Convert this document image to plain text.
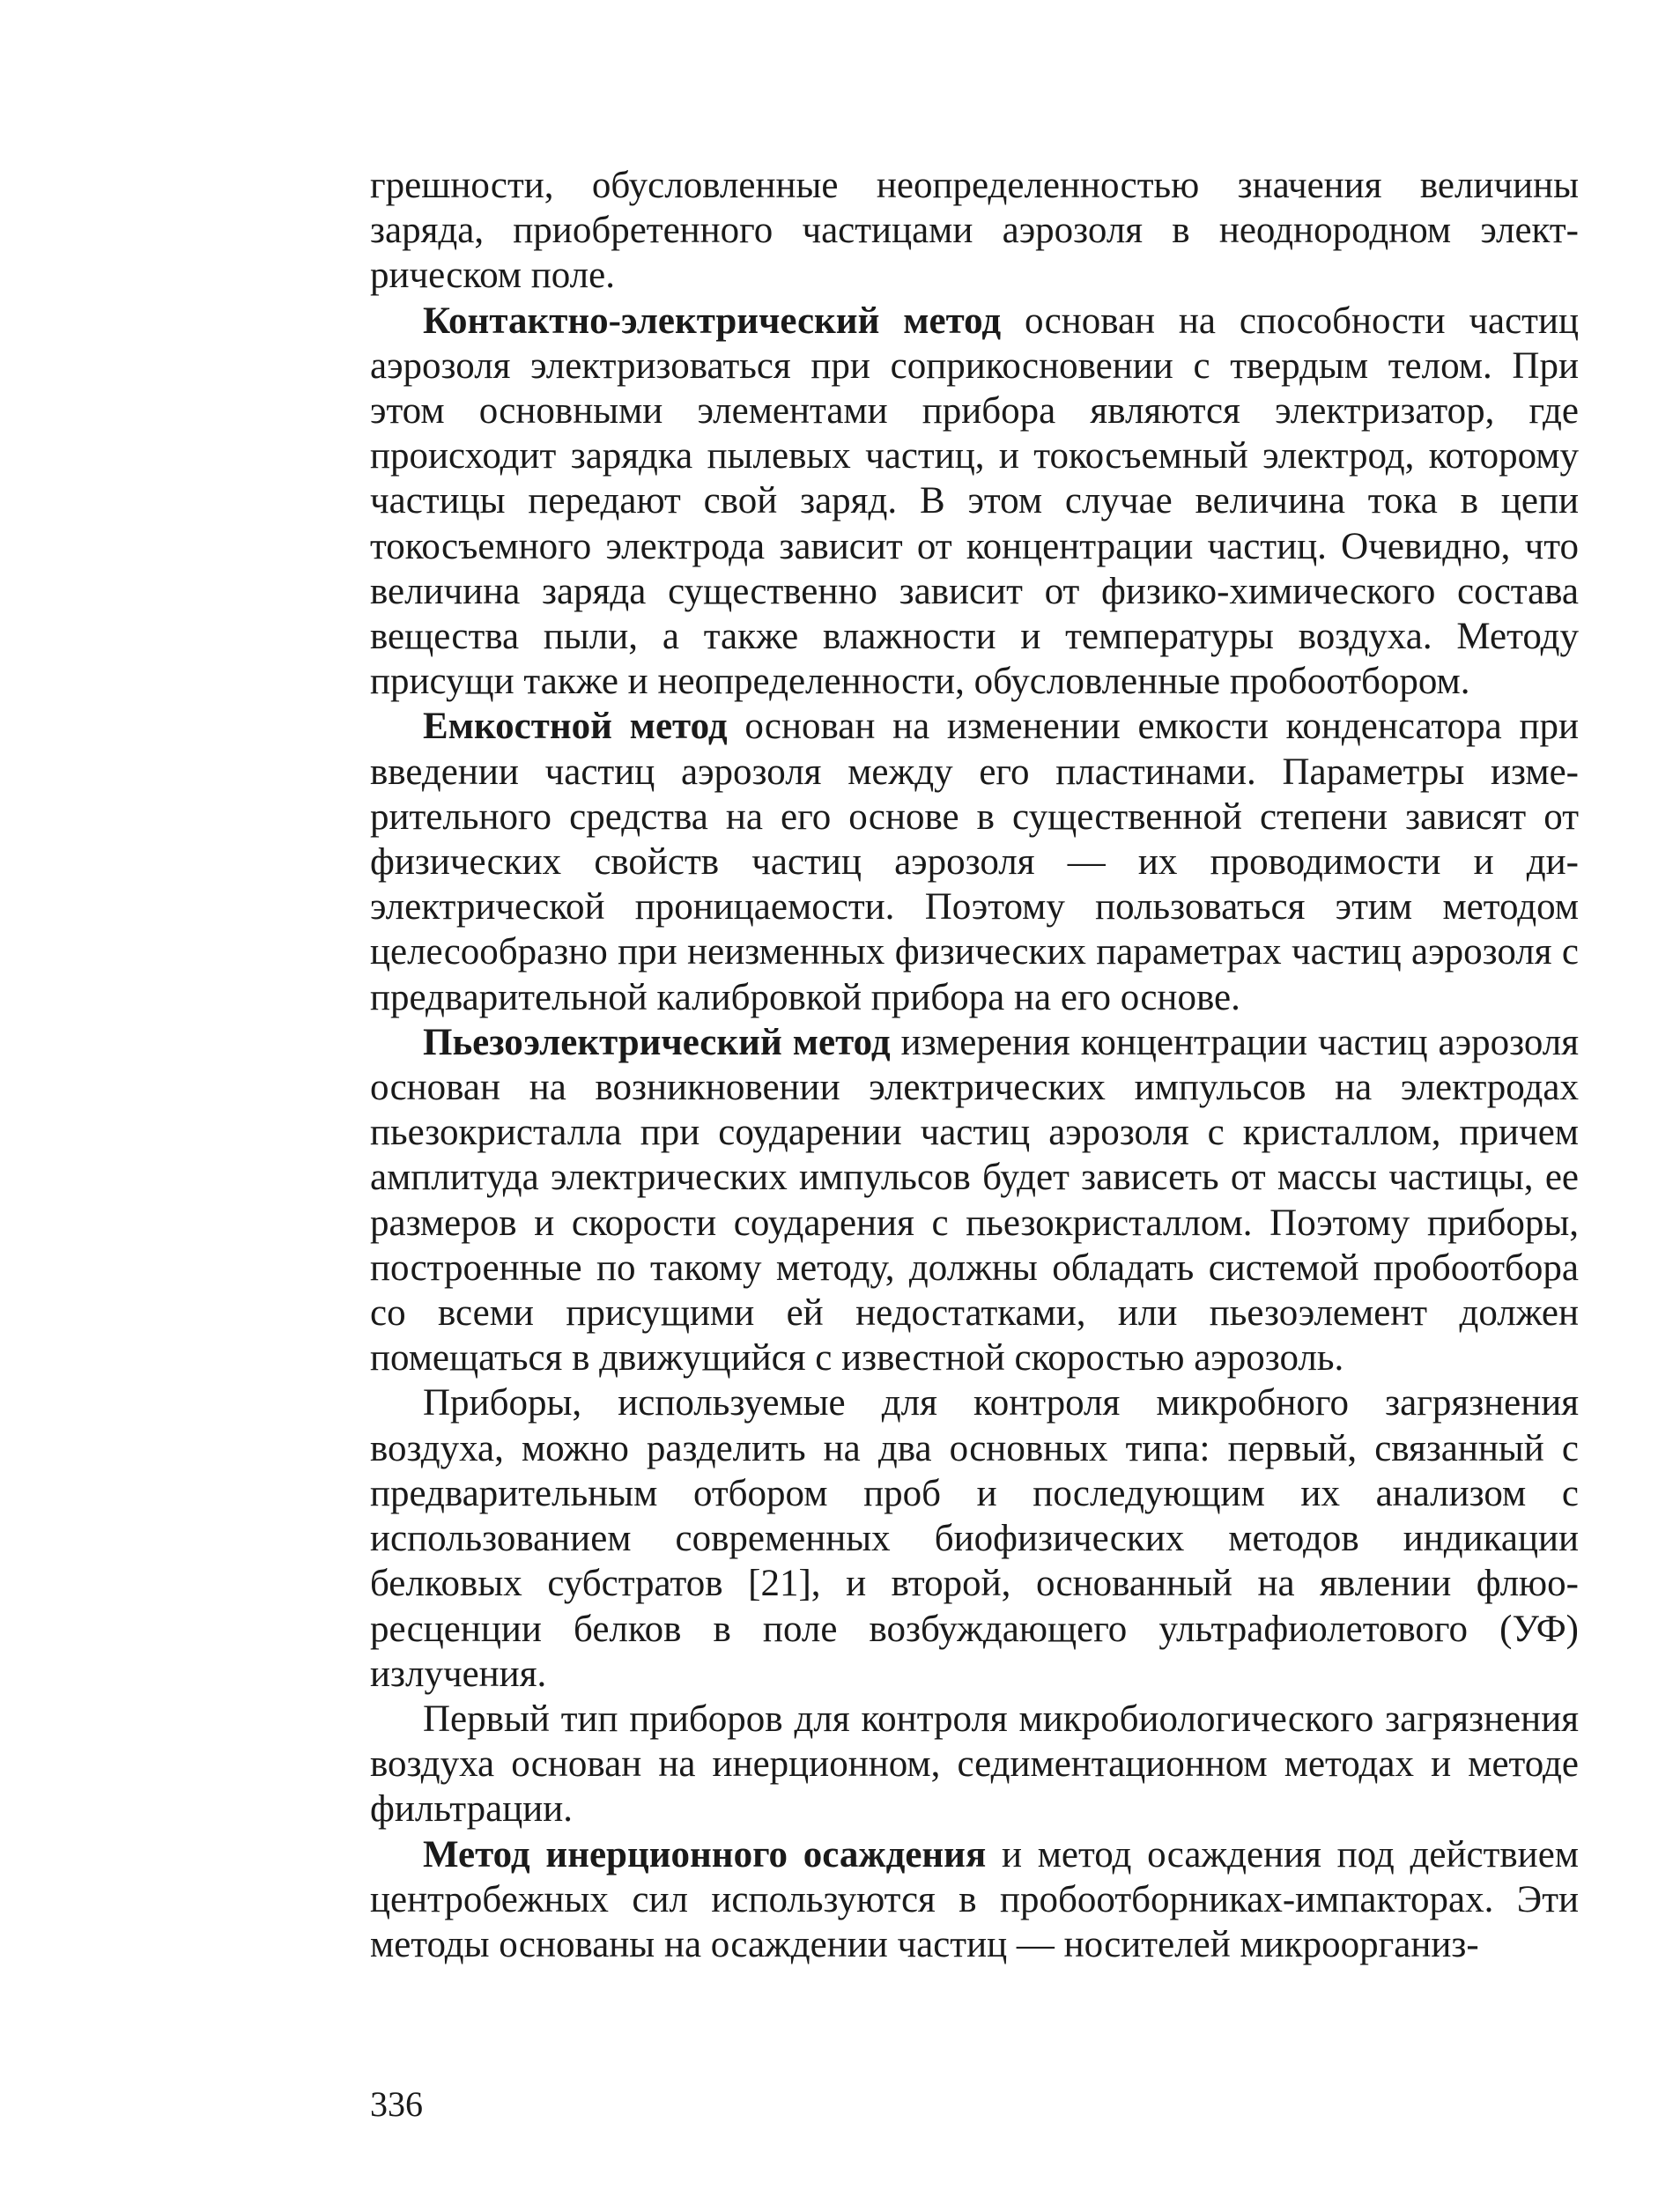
грешности, обусловленные неопределенностью значения величины заряда, приобретенного частицами аэрозоля в неоднородном электрическом поле.

Контактно-электрический метод основан на способности частиц аэрозоля электризоваться при соприкосновении с твердым телом. При этом основными элементами прибора являются электризатор, где происходит зарядка пылевых частиц, и токосъемный электрод, которому частицы передают свой заряд. В этом случае величина тока в цепи токосъемного электрода зависит от концентрации частиц. Очевидно, что величина заряда существенно зависит от физико-химического состава вещества пыли, а также влажности и температуры воздуха. Методу присущи также и неопределенности, обусловленные пробоотбором.

Емкостной метод основан на изменении емкости конденсатора при введении частиц аэрозоля между его пластинами. Параметры измерительного средства на его основе в существенной степени зависят от физических свойств частиц аэрозоля — их проводимости и диэлектрической проницаемости. Поэтому пользоваться этим методом целесообразно при неизменных физических параметрах частиц аэрозоля с предварительной калибровкой прибора на его основе.

Пьезоэлектрический метод измерения концентрации частиц аэрозоля основан на возникновении электрических импульсов на электродах пьезокристалла при соударении частиц аэрозоля с кристаллом, причем амплитуда электрических импульсов будет зависеть от массы частицы, ее размеров и скорости соударения с пьезокристаллом. Поэтому приборы, построенные по такому методу, должны обладать системой пробоотбора со всеми присущими ей недостатками, или пьезоэлемент должен помещаться в движущийся с известной скоростью аэрозоль.

Приборы, используемые для контроля микробного загрязнения воздуха, можно разделить на два основных типа: первый, связанный с предварительным отбором проб и последующим их анализом с использованием современных биофизических методов индикации белковых субстратов [21], и второй, основанный на явлении флюоресценции белков в поле возбуждающего ультрафиолетового (УФ) излучения.

Первый тип приборов для контроля микробиологического загрязнения воздуха основан на инерционном, седиментационном методах и методе фильтрации.

Метод инерционного осаждения и метод осаждения под действием центробежных сил используются в пробоотборниках-импакторах. Эти методы основаны на осаждении частиц — носителей микроорганиз-

336
